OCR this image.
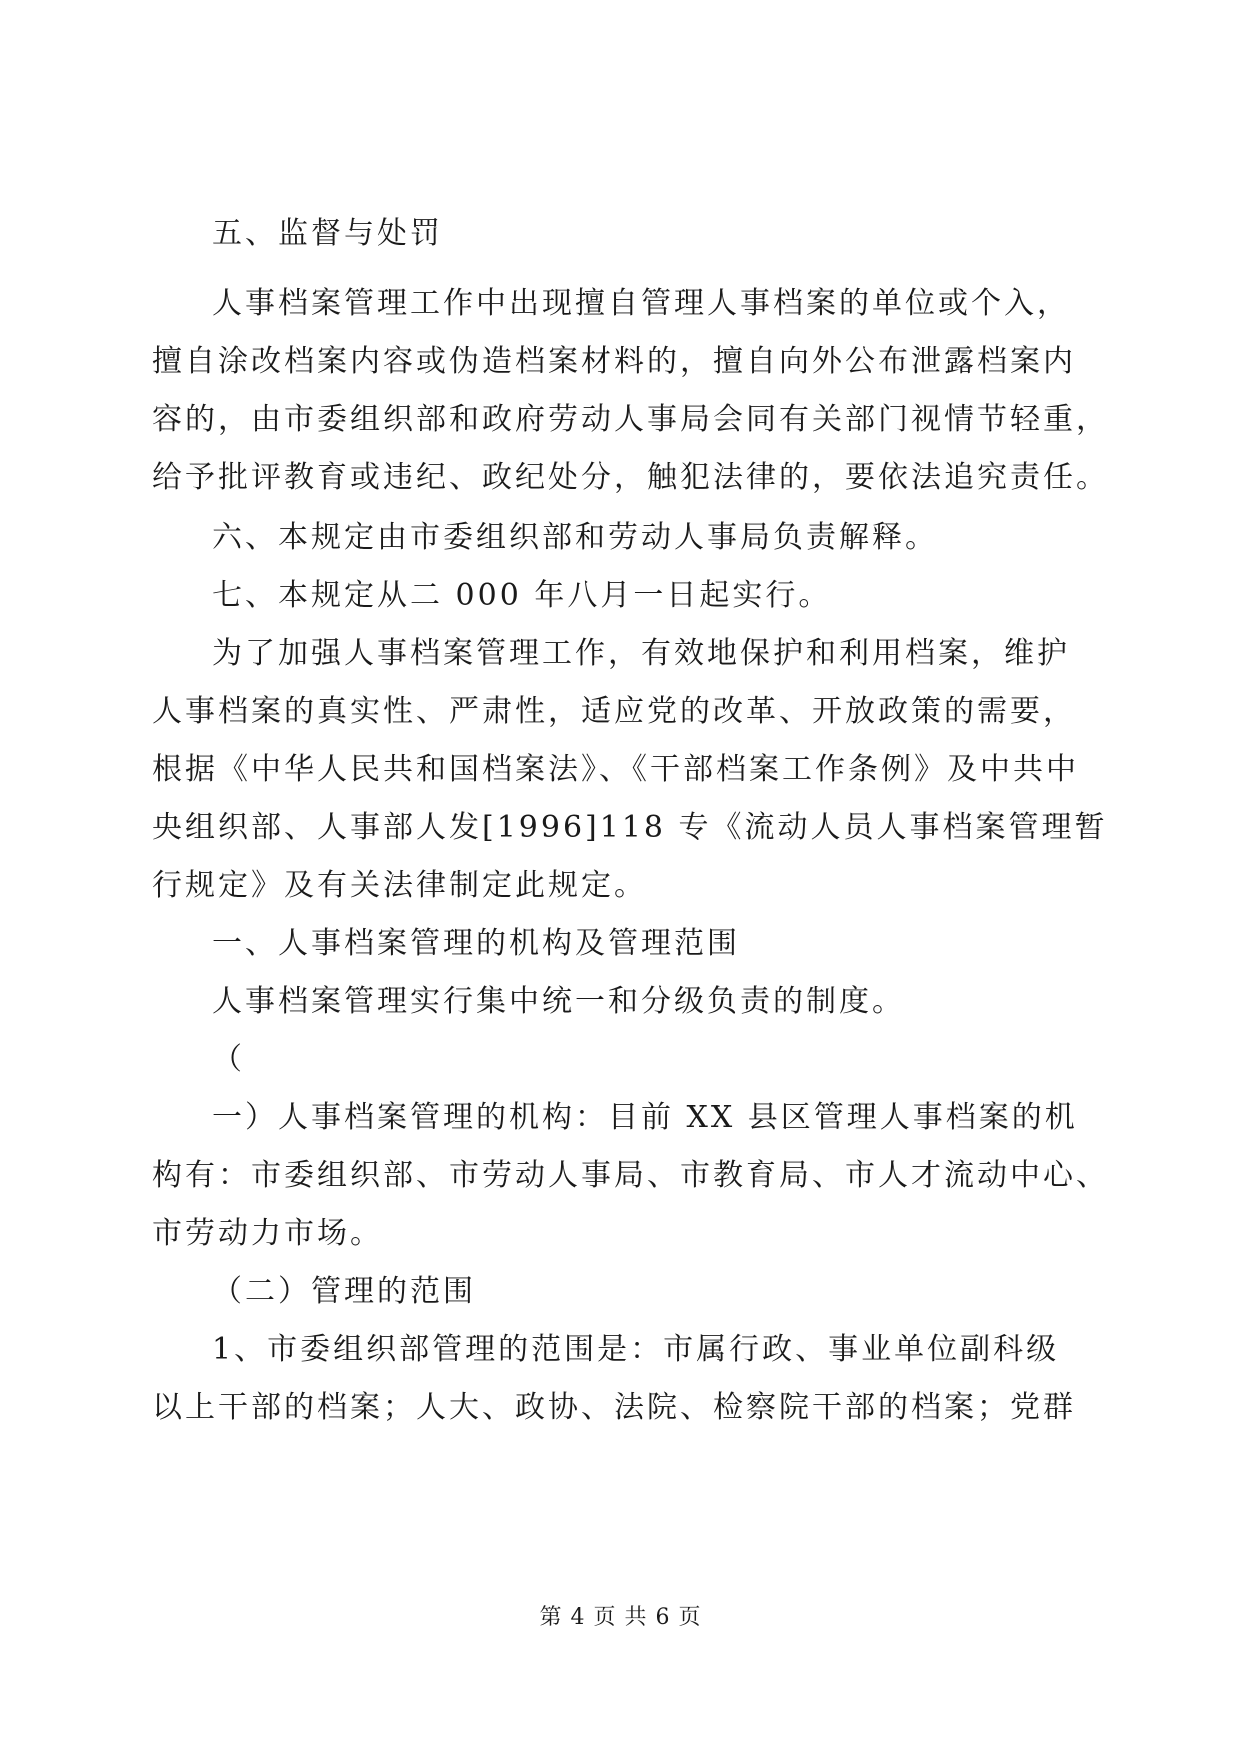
五、监督与处罚
人事档案管理工作中出现擅自管理人事档案的单位或个入，
擅自涂改档案内容或伪造档案材料的，擅自向外公布泄露档案内
容的，由市委组织部和政府劳动人事局会同有关部门视情节轻重，
给予批评教育或违纪、政纪处分，触犯法律的，要依法追究责任。
六、本规定由市委组织部和劳动人事局负责解释。
七、本规定从二 000 年八月一日起实行。
为了加强人事档案管理工作，有效地保护和利用档案，维护
人事档案的真实性、严肃性，适应党的改革、开放政策的需要，
根据《中华人民共和国档案法》、《干部档案工作条例》及中共中
央组织部、人事部人发[1996]118 专《流动人员人事档案管理暂
行规定》及有关法律制定此规定。
一、人事档案管理的机构及管理范围
人事档案管理实行集中统一和分级负责的制度。
（
一）人事档案管理的机构：目前 XX 县区管理人事档案的机
构有：市委组织部、市劳动人事局、市教育局、市人才流动中心、
市劳动力市场。
（二）管理的范围
1、市委组织部管理的范围是：市属行政、事业单位副科级
以上干部的档案；人大、政协、法院、检察院干部的档案；党群
第 4 页 共 6 页
